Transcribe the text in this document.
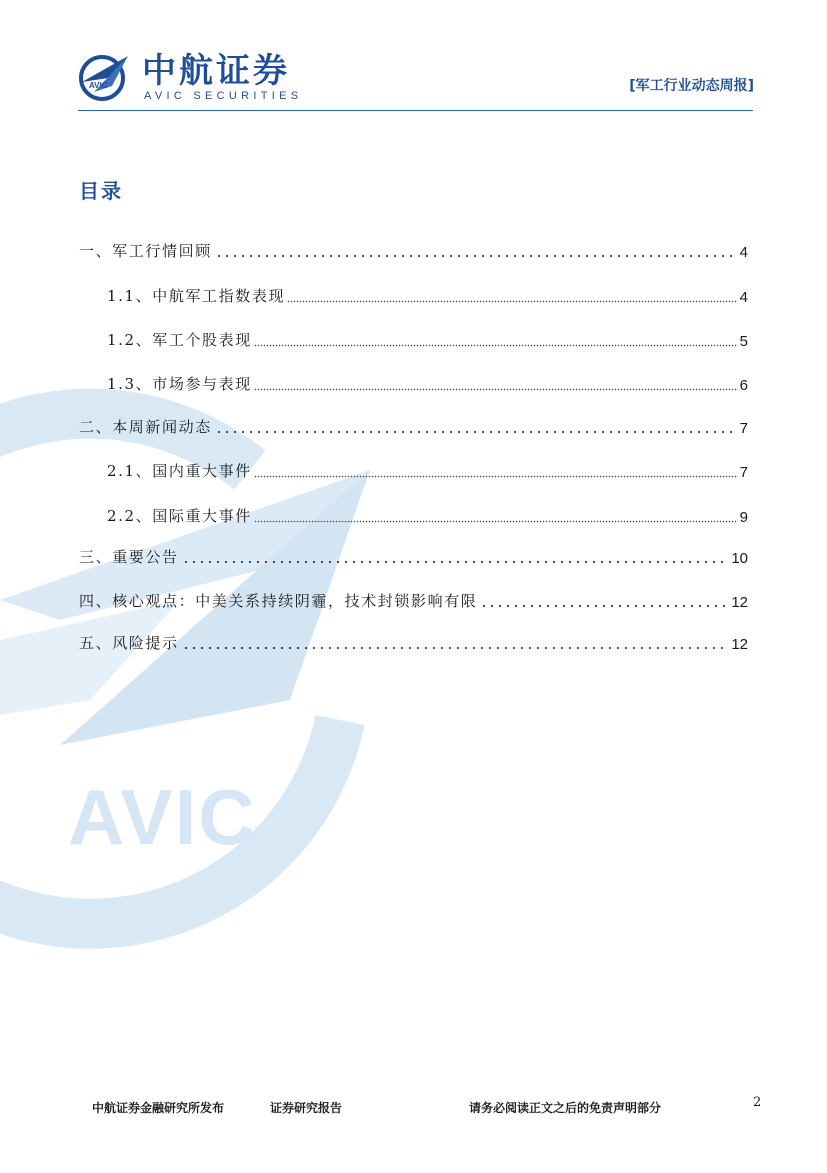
AVIC
AVIC 中航证券
AVIC SECURITIES
[军工行业动态周报]
目录
一、军工行情回顾	4
1.1、中航军工指数表现	4
1.2、军工个股表现	5
1.3、市场参与表现	6
二、本周新闻动态	7
2.1、国内重大事件	7
2.2、国际重大事件	9
三、重要公告	10
四、核心观点：中美关系持续阴霾，技术封锁影响有限	12
五、风险提示	12
中航证券金融研究所发布	证券研究报告	请务必阅读正文之后的免责声明部分	2
